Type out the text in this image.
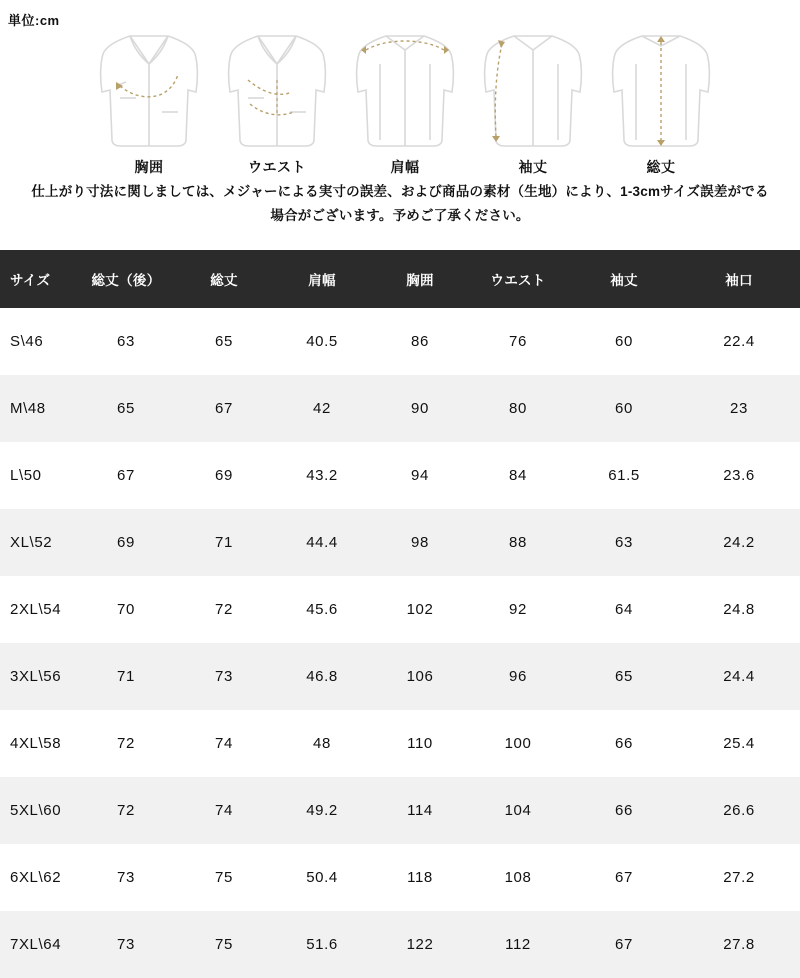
単位:cm
胸囲	ウエスト	肩幅	袖丈	総丈
仕上がり寸法に関しましては、メジャーによる実寸の誤差、および商品の素材（生地）により、1-3cmサイズ誤差がでる場合がございます。予めご了承ください。
サイズ	総丈（後）	総丈	肩幅	胸囲	ウエスト	袖丈	袖口
S\46	63	65	40.5	86	76	60	22.4
M\48	65	67	42	90	80	60	23
L\50	67	69	43.2	94	84	61.5	23.6
XL\52	69	71	44.4	98	88	63	24.2
2XL\54	70	72	45.6	102	92	64	24.8
3XL\56	71	73	46.8	106	96	65	24.4
4XL\58	72	74	48	110	100	66	25.4
5XL\60	72	74	49.2	114	104	66	26.6
6XL\62	73	75	50.4	118	108	67	27.2
7XL\64	73	75	51.6	122	112	67	27.8
